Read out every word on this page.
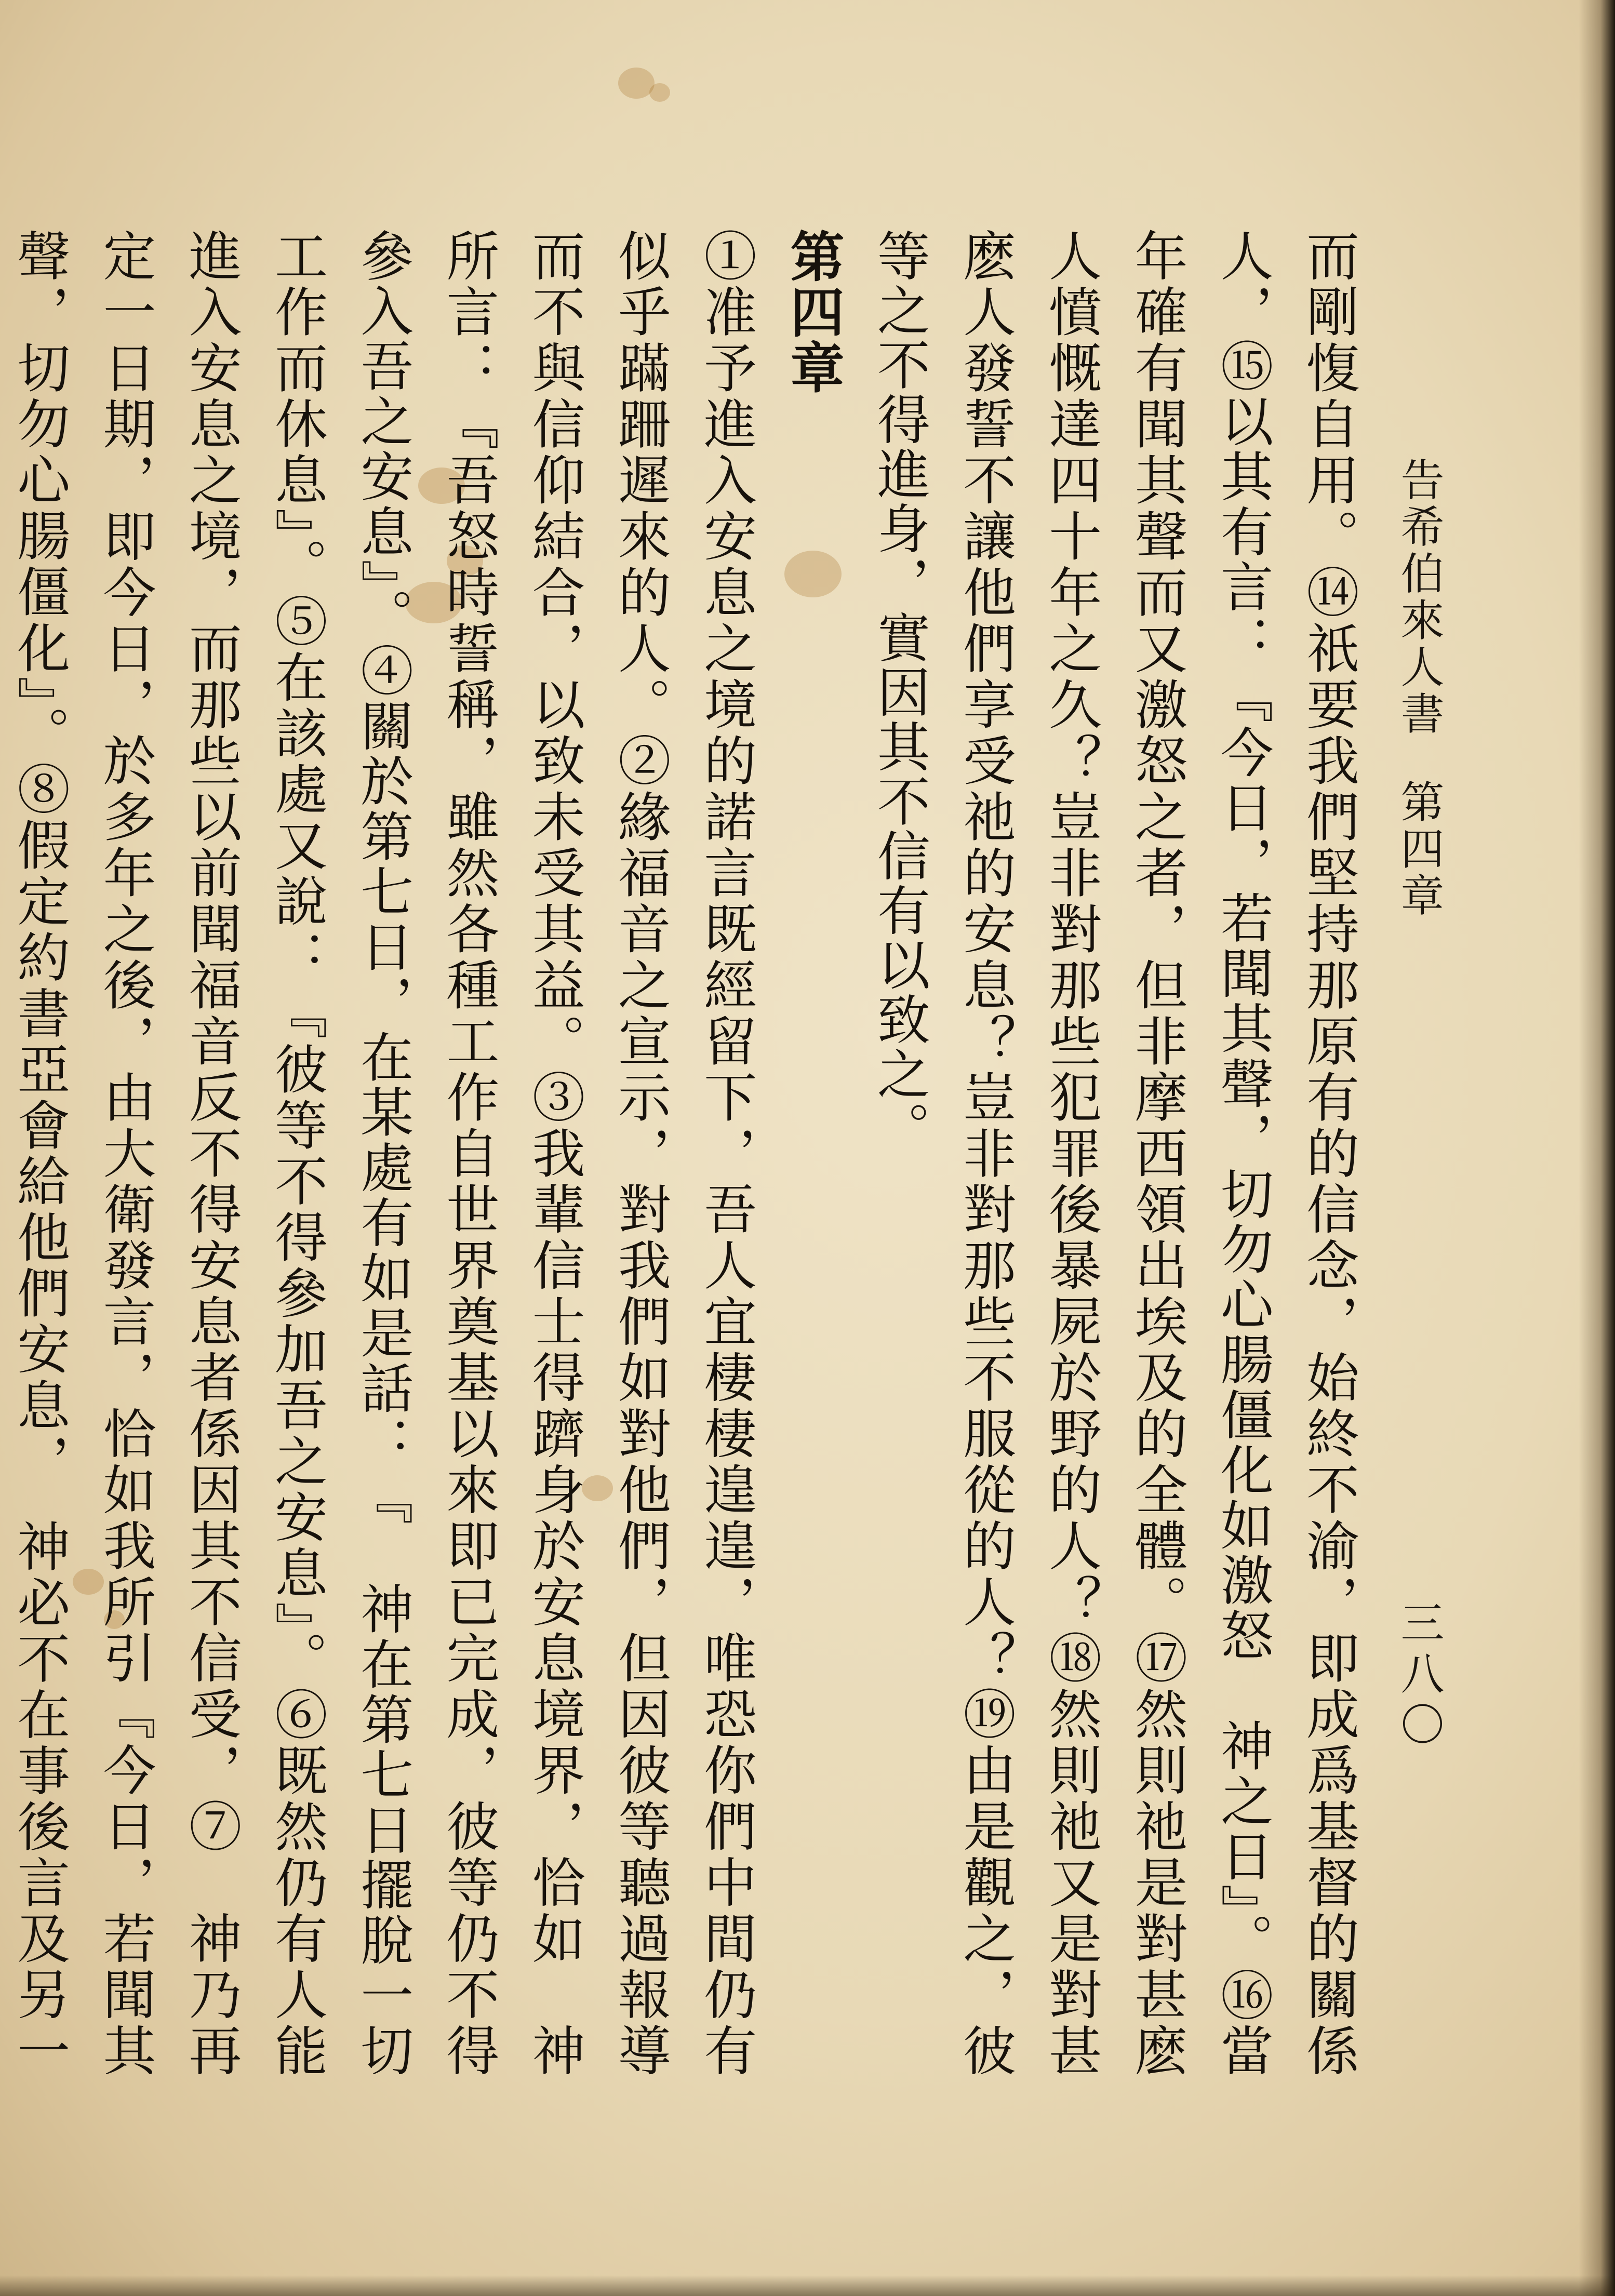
告希伯來人書
第四章
三八〇

而剛愎自用。⑭祇要我們堅持那原有的信念，始終不渝，即成爲基督的關係人，⑮以其有言：『今日，若聞其聲，切勿心腸僵化如激怒　神之日』。⑯當年確有聞其聲而又激怒之者，但非摩西領出埃及的全體。⑰然則祂是對甚麽人憤慨達四十年之久？豈非對那些犯罪後暴屍於野的人？⑱然則祂又是對甚麽人發誓不讓他們享受祂的安息？豈非對那些不服從的人？⑲由是觀之，彼等之不得進身，實因其不信有以致之。

第四章

①准予進入安息之境的諾言既經留下，吾人宜棲棲遑遑，唯恐你們中間仍有似乎蹣跚遲來的人。②緣福音之宣示，對我們如對他們，但因彼等聽過報導而不與信仰結合，以致未受其益。③我輩信士得躋身於安息境界，恰如　神所言：『吾怒時誓稱，雖然各種工作自世界奠基以來即已完成，彼等仍不得參入吾之安息』。④關於第七日，在某處有如是話：『　神在第七日擺脫一切工作而休息』。⑤在該處又說：『彼等不得參加吾之安息』。⑥既然仍有人能進入安息之境，而那些以前聞福音反不得安息者係因其不信受，⑦　神乃再定一日期，即今日，於多年之後，由大衛發言，恰如我所引『今日，若聞其聲，切勿心腸僵化』。⑧假定約書亞會給他們安息，　神必不在事後言及另一　　　　　
